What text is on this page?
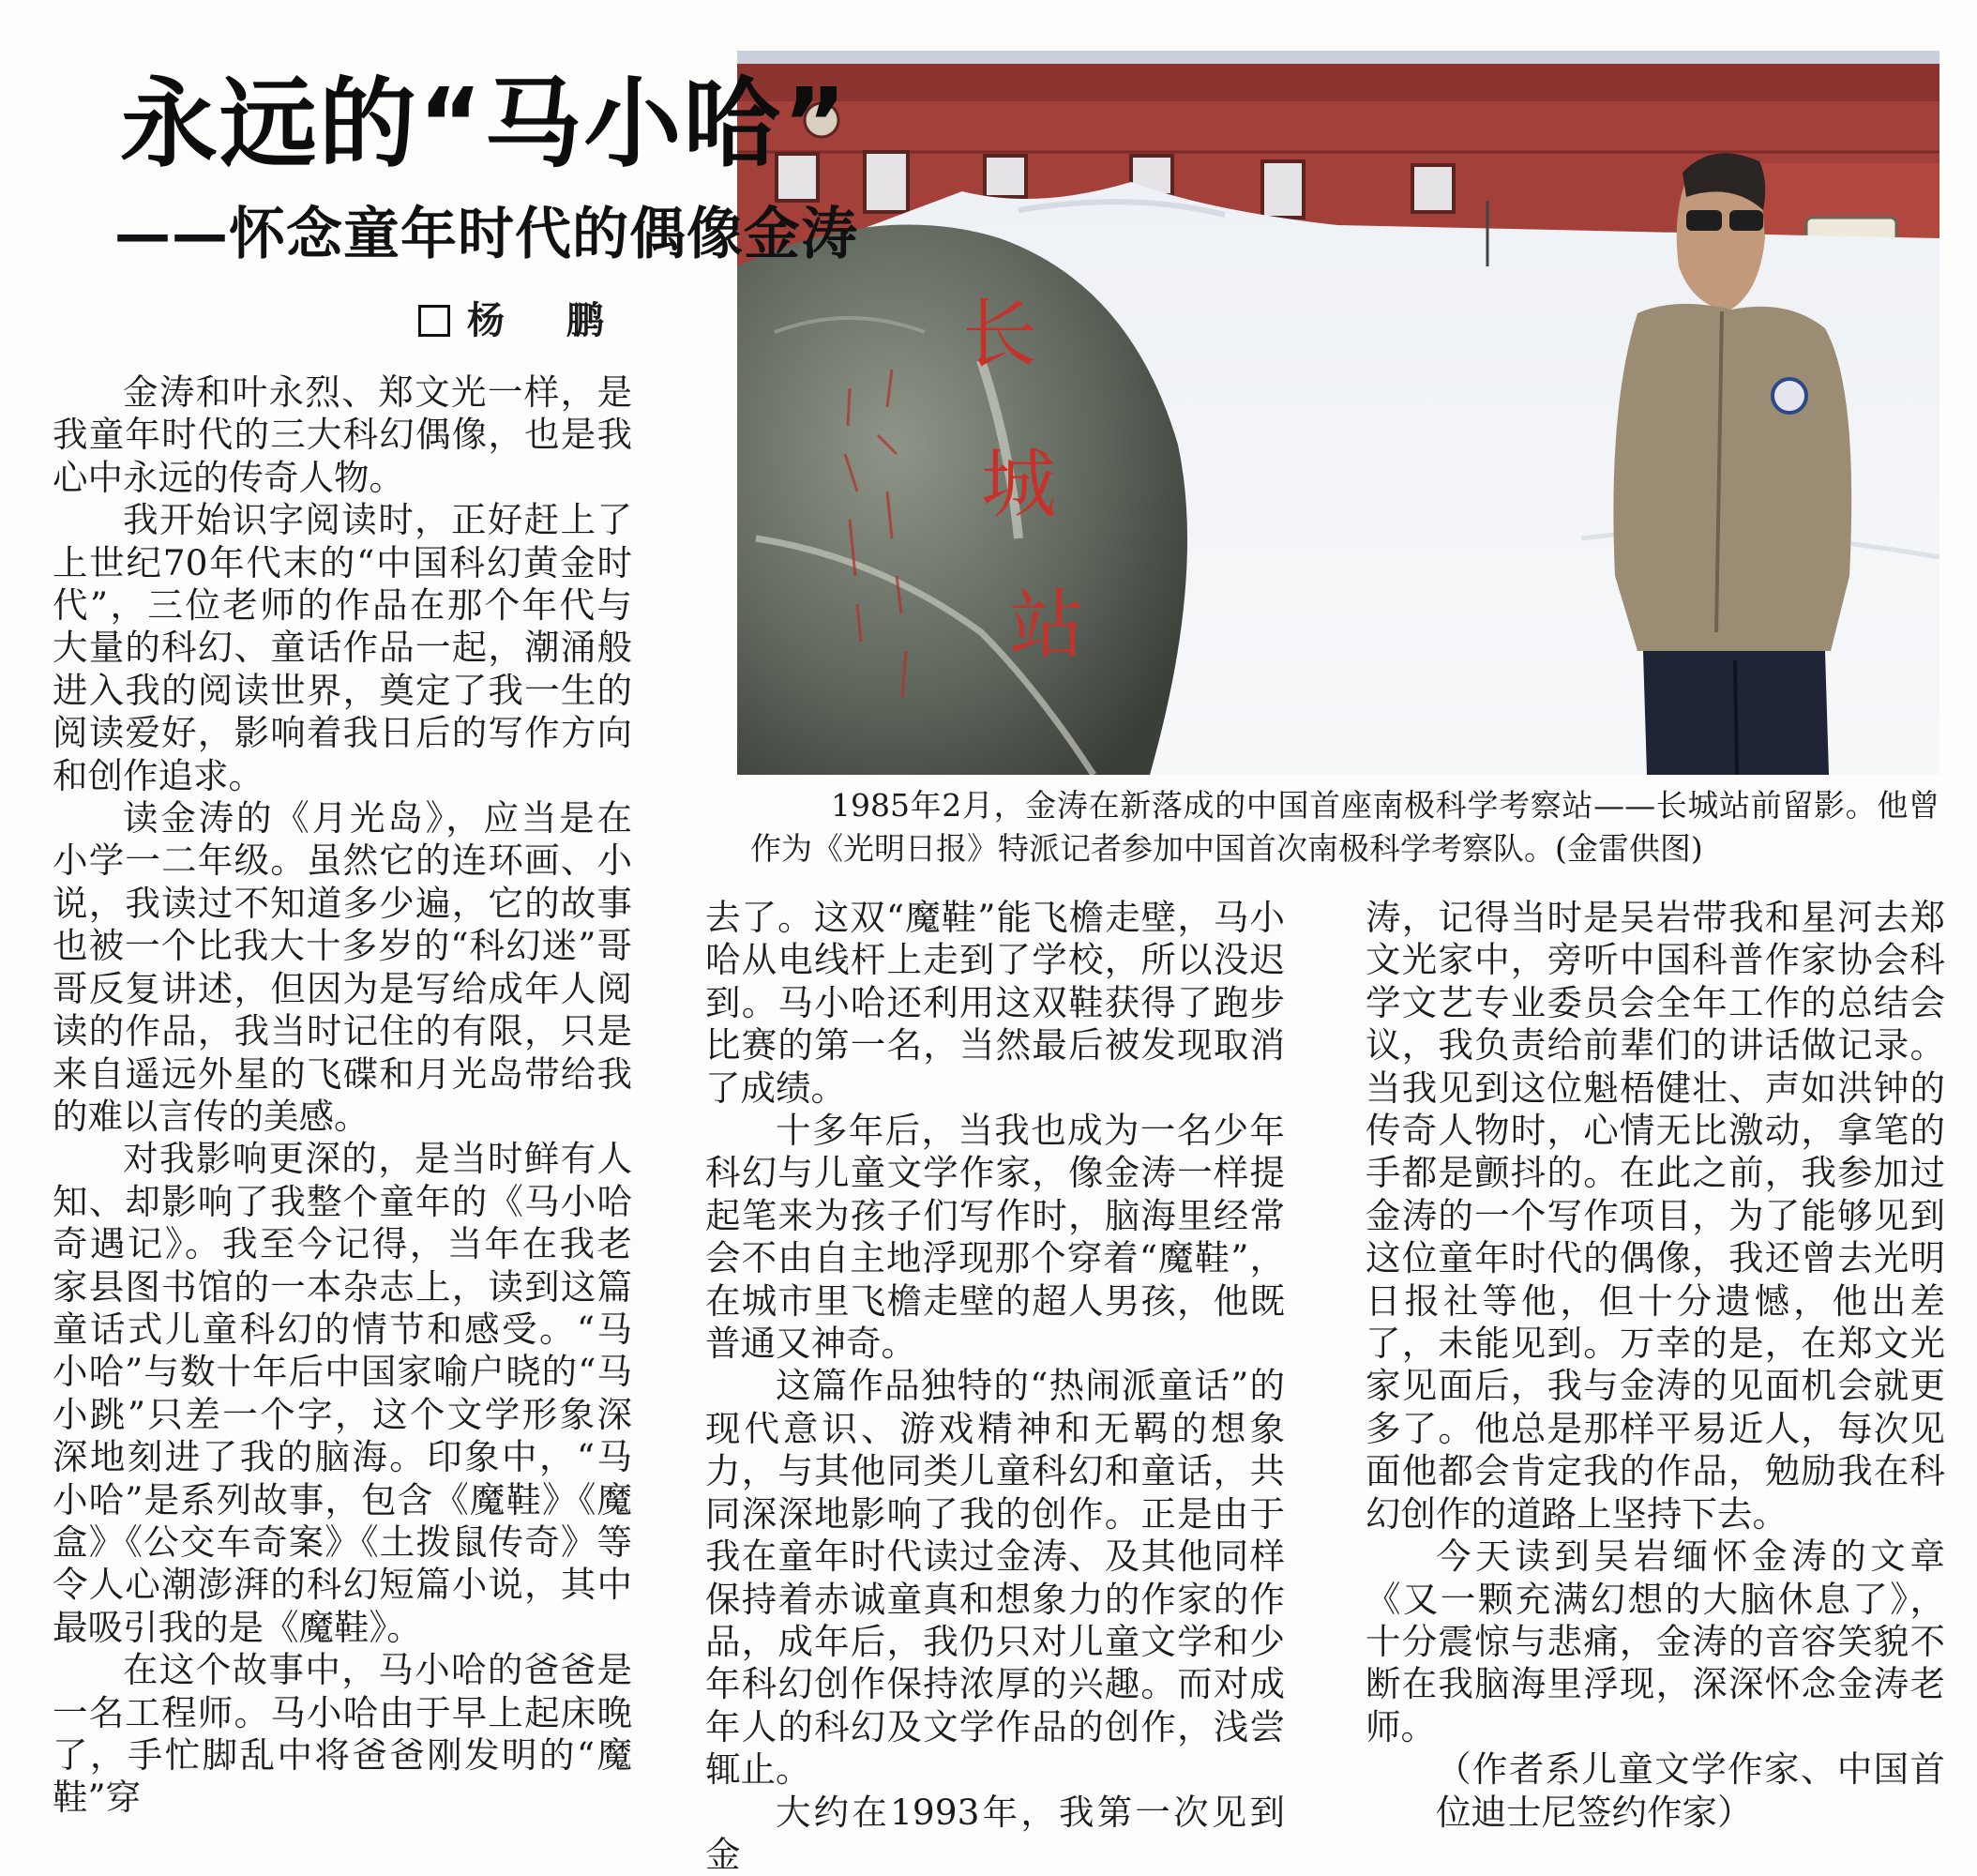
永远的“马小哈”
——怀念童年时代的偶像金涛
杨 鹏	长
城
站

1985年2月，金涛在新落成的中国首座南极科学考察站——长城站前留影。他曾作为《光明日报》特派记者参加中国首次南极科学考察队。(金雷供图)

金涛和叶永烈、郑文光一样，是我童年时代的三大科幻偶像，也是我心中永远的传奇人物。

我开始识字阅读时，正好赶上了上世纪70年代末的“中国科幻黄金时代”，三位老师的作品在那个年代与大量的科幻、童话作品一起，潮涌般进入我的阅读世界，奠定了我一生的阅读爱好，影响着我日后的写作方向和创作追求。

读金涛的《月光岛》，应当是在小学一二年级。虽然它的连环画、小说，我读过不知道多少遍，它的故事也被一个比我大十多岁的“科幻迷”哥哥反复讲述，但因为是写给成年人阅读的作品，我当时记住的有限，只是来自遥远外星的飞碟和月光岛带给我的难以言传的美感。

对我影响更深的，是当时鲜有人知、却影响了我整个童年的《马小哈奇遇记》。我至今记得，当年在我老家县图书馆的一本杂志上，读到这篇童话式儿童科幻的情节和感受。“马小哈”与数十年后中国家喻户晓的“马小跳”只差一个字，这个文学形象深深地刻进了我的脑海。印象中，“马小哈”是系列故事，包含《魔鞋》《魔盒》《公交车奇案》《土拨鼠传奇》等令人心潮澎湃的科幻短篇小说，其中最吸引我的是《魔鞋》。

在这个故事中，马小哈的爸爸是一名工程师。马小哈由于早上起床晚了，手忙脚乱中将爸爸刚发明的“魔鞋”穿

去了。这双“魔鞋”能飞檐走壁，马小哈从电线杆上走到了学校，所以没迟到。马小哈还利用这双鞋获得了跑步比赛的第一名，当然最后被发现取消了成绩。

十多年后，当我也成为一名少年科幻与儿童文学作家，像金涛一样提起笔来为孩子们写作时，脑海里经常会不由自主地浮现那个穿着“魔鞋”，在城市里飞檐走壁的超人男孩，他既普通又神奇。

这篇作品独特的“热闹派童话”的现代意识、游戏精神和无羁的想象力，与其他同类儿童科幻和童话，共同深深地影响了我的创作。正是由于我在童年时代读过金涛、及其他同样保持着赤诚童真和想象力的作家的作品，成年后，我仍只对儿童文学和少年科幻创作保持浓厚的兴趣。而对成年人的科幻及文学作品的创作，浅尝辄止。

大约在1993年，我第一次见到金

涛，记得当时是吴岩带我和星河去郑文光家中，旁听中国科普作家协会科学文艺专业委员会全年工作的总结会议，我负责给前辈们的讲话做记录。当我见到这位魁梧健壮、声如洪钟的传奇人物时，心情无比激动，拿笔的手都是颤抖的。在此之前，我参加过金涛的一个写作项目，为了能够见到这位童年时代的偶像，我还曾去光明日报社等他，但十分遗憾，他出差了，未能见到。万幸的是，在郑文光家见面后，我与金涛的见面机会就更多了。他总是那样平易近人，每次见面他都会肯定我的作品，勉励我在科幻创作的道路上坚持下去。

今天读到吴岩缅怀金涛的文章《又一颗充满幻想的大脑休息了》，十分震惊与悲痛，金涛的音容笑貌不断在我脑海里浮现，深深怀念金涛老师。

（作者系儿童文学作家、中国首位迪士尼签约作家）
